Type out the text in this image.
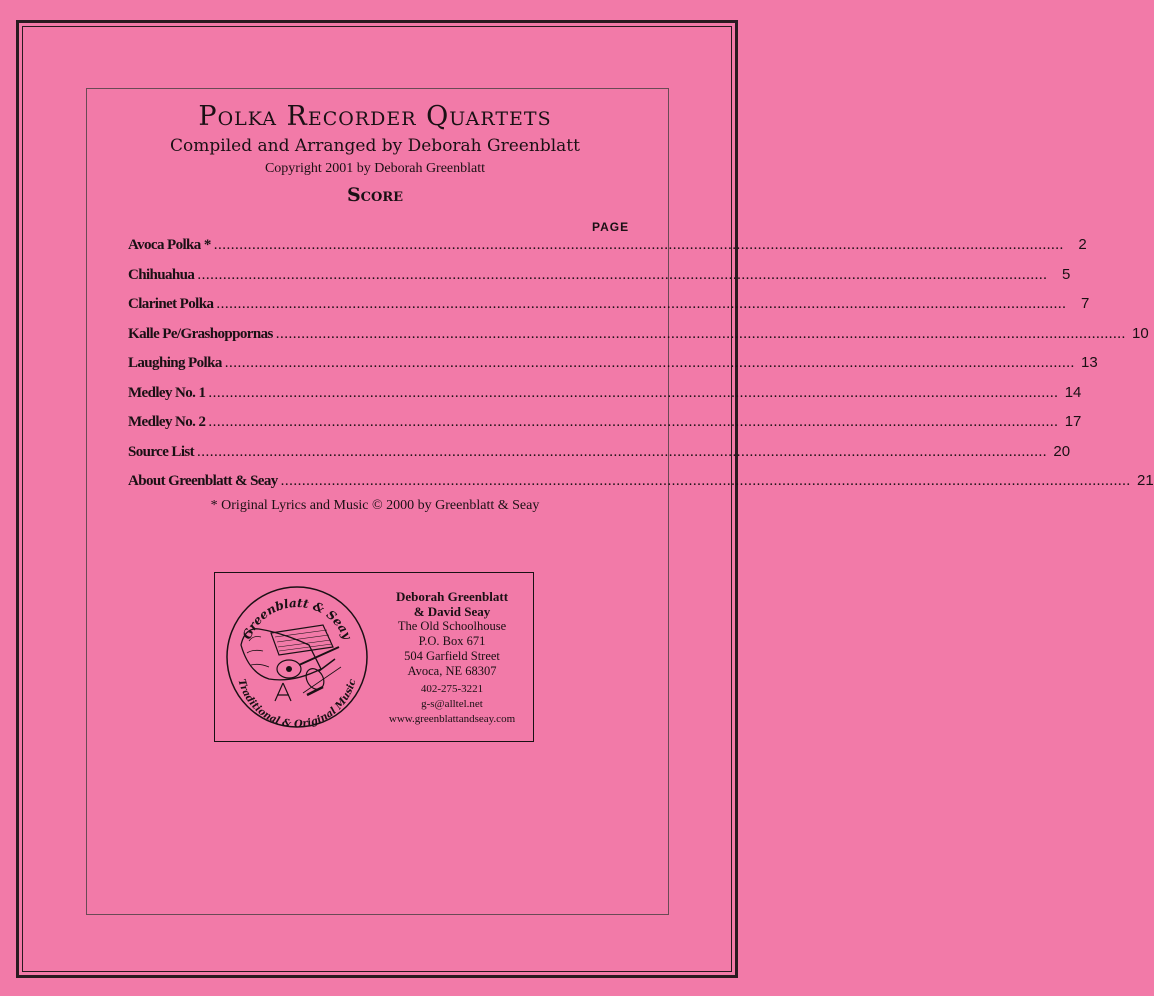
Polka Recorder Quartets
Compiled and Arranged by Deborah Greenblatt
Copyright 2001 by Deborah Greenblatt
Score
PAGE
Avoca Polka * ........................................................................................................................................................................................................ 2
Chihuahua ........................................................................................................................................................................................................ 5
Clarinet Polka ........................................................................................................................................................................................................ 7
Kalle Pe/Grashoppornas ........................................................................................................................................................................................................ 10
Laughing Polka ........................................................................................................................................................................................................ 13
Medley No. 1 ........................................................................................................................................................................................................ 14
Medley No. 2 ........................................................................................................................................................................................................ 17
Source List ........................................................................................................................................................................................................ 20
About Greenblatt & Seay ........................................................................................................................................................................................................ 21
* Original Lyrics and Music © 2000 by Greenblatt & Seay
Greenblatt & Seay
Traditional & Original Music
Deborah Greenblatt
& David Seay
The Old Schoolhouse
P.O. Box 671
504 Garfield Street
Avoca, NE 68307
402-275-3221
g-s@alltel.net
www.greenblattandseay.com
